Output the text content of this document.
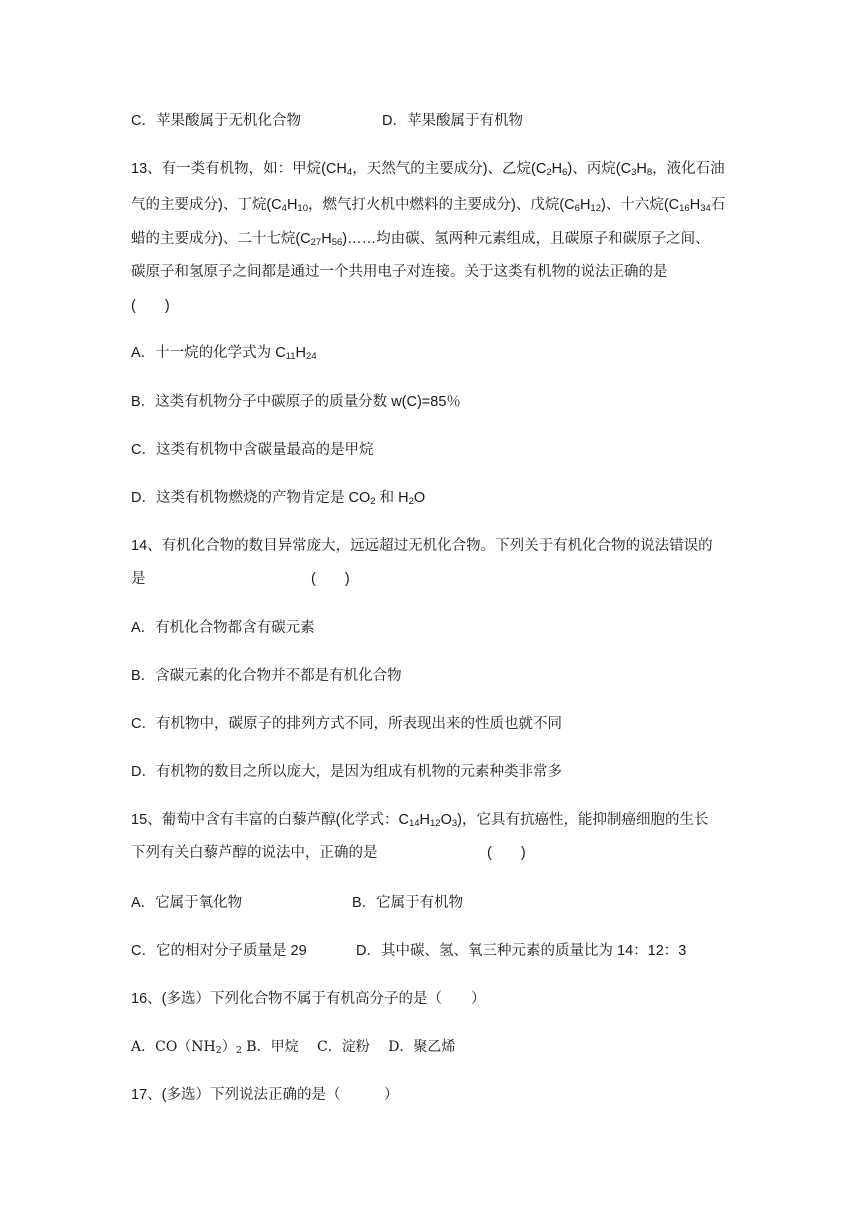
C．苹果酸属于无机化合物	D．苹果酸属于有机物
13、有一类有机物，如：甲烷($CH_4$，天然气的主要成分)、乙烷$(C_2H_6)$、丙烷($C_3H_8$，液化石油
气的主要成分)、丁烷($C_4H_{10}$，燃气打火机中燃料的主要成分)、戊烷$(C_6H_{12})$、十六烷($C_{16}H_{34}$石
蜡的主要成分)、二十七烷$(C_{27}H_{56})\dots\dots$均由碳、氢两种元素组成，且碳原子和碳原子之间、
碳原子和氢原子之间都是通过一个共用电子对连接。关于这类有机物的说法正确的是
(　　)
A．十一烷的化学式为 $C_{11}H_{24}$
B．这类有机物分子中碳原子的质量分数 w(C)=85％
C．这类有机物中含碳量最高的是甲烷
D．这类有机物燃烧的产物肯定是 $CO_2$ 和 $H_2O$
14、有机化合物的数目异常庞大，远远超过无机化合物。下列关于有机化合物的说法错误的
是	(　　)
A．有机化合物都含有碳元素
B．含碳元素的化合物并不都是有机化合物
C．有机物中，碳原子的排列方式不同，所表现出来的性质也就不同
D．有机物的数目之所以庞大，是因为组成有机物的元素种类非常多
15、葡萄中含有丰富的白藜芦醇(化学式：$C_{14}H_{12}O_3$)，它具有抗癌性，能抑制癌细胞的生长
下列有关白藜芦醇的说法中，正确的是	(　　)
A．它属于氧化物	B．它属于有机物
C．它的相对分子质量是 29	D．其中碳、氢、氧三种元素的质量比为 14：12：3
16、(多选）下列化合物不属于有机高分子的是（　　）
A．$CO(NH_2)_2$ B．甲烷　 C．淀粉　 D．聚乙烯
17、(多选）下列说法正确的是（　　　）
